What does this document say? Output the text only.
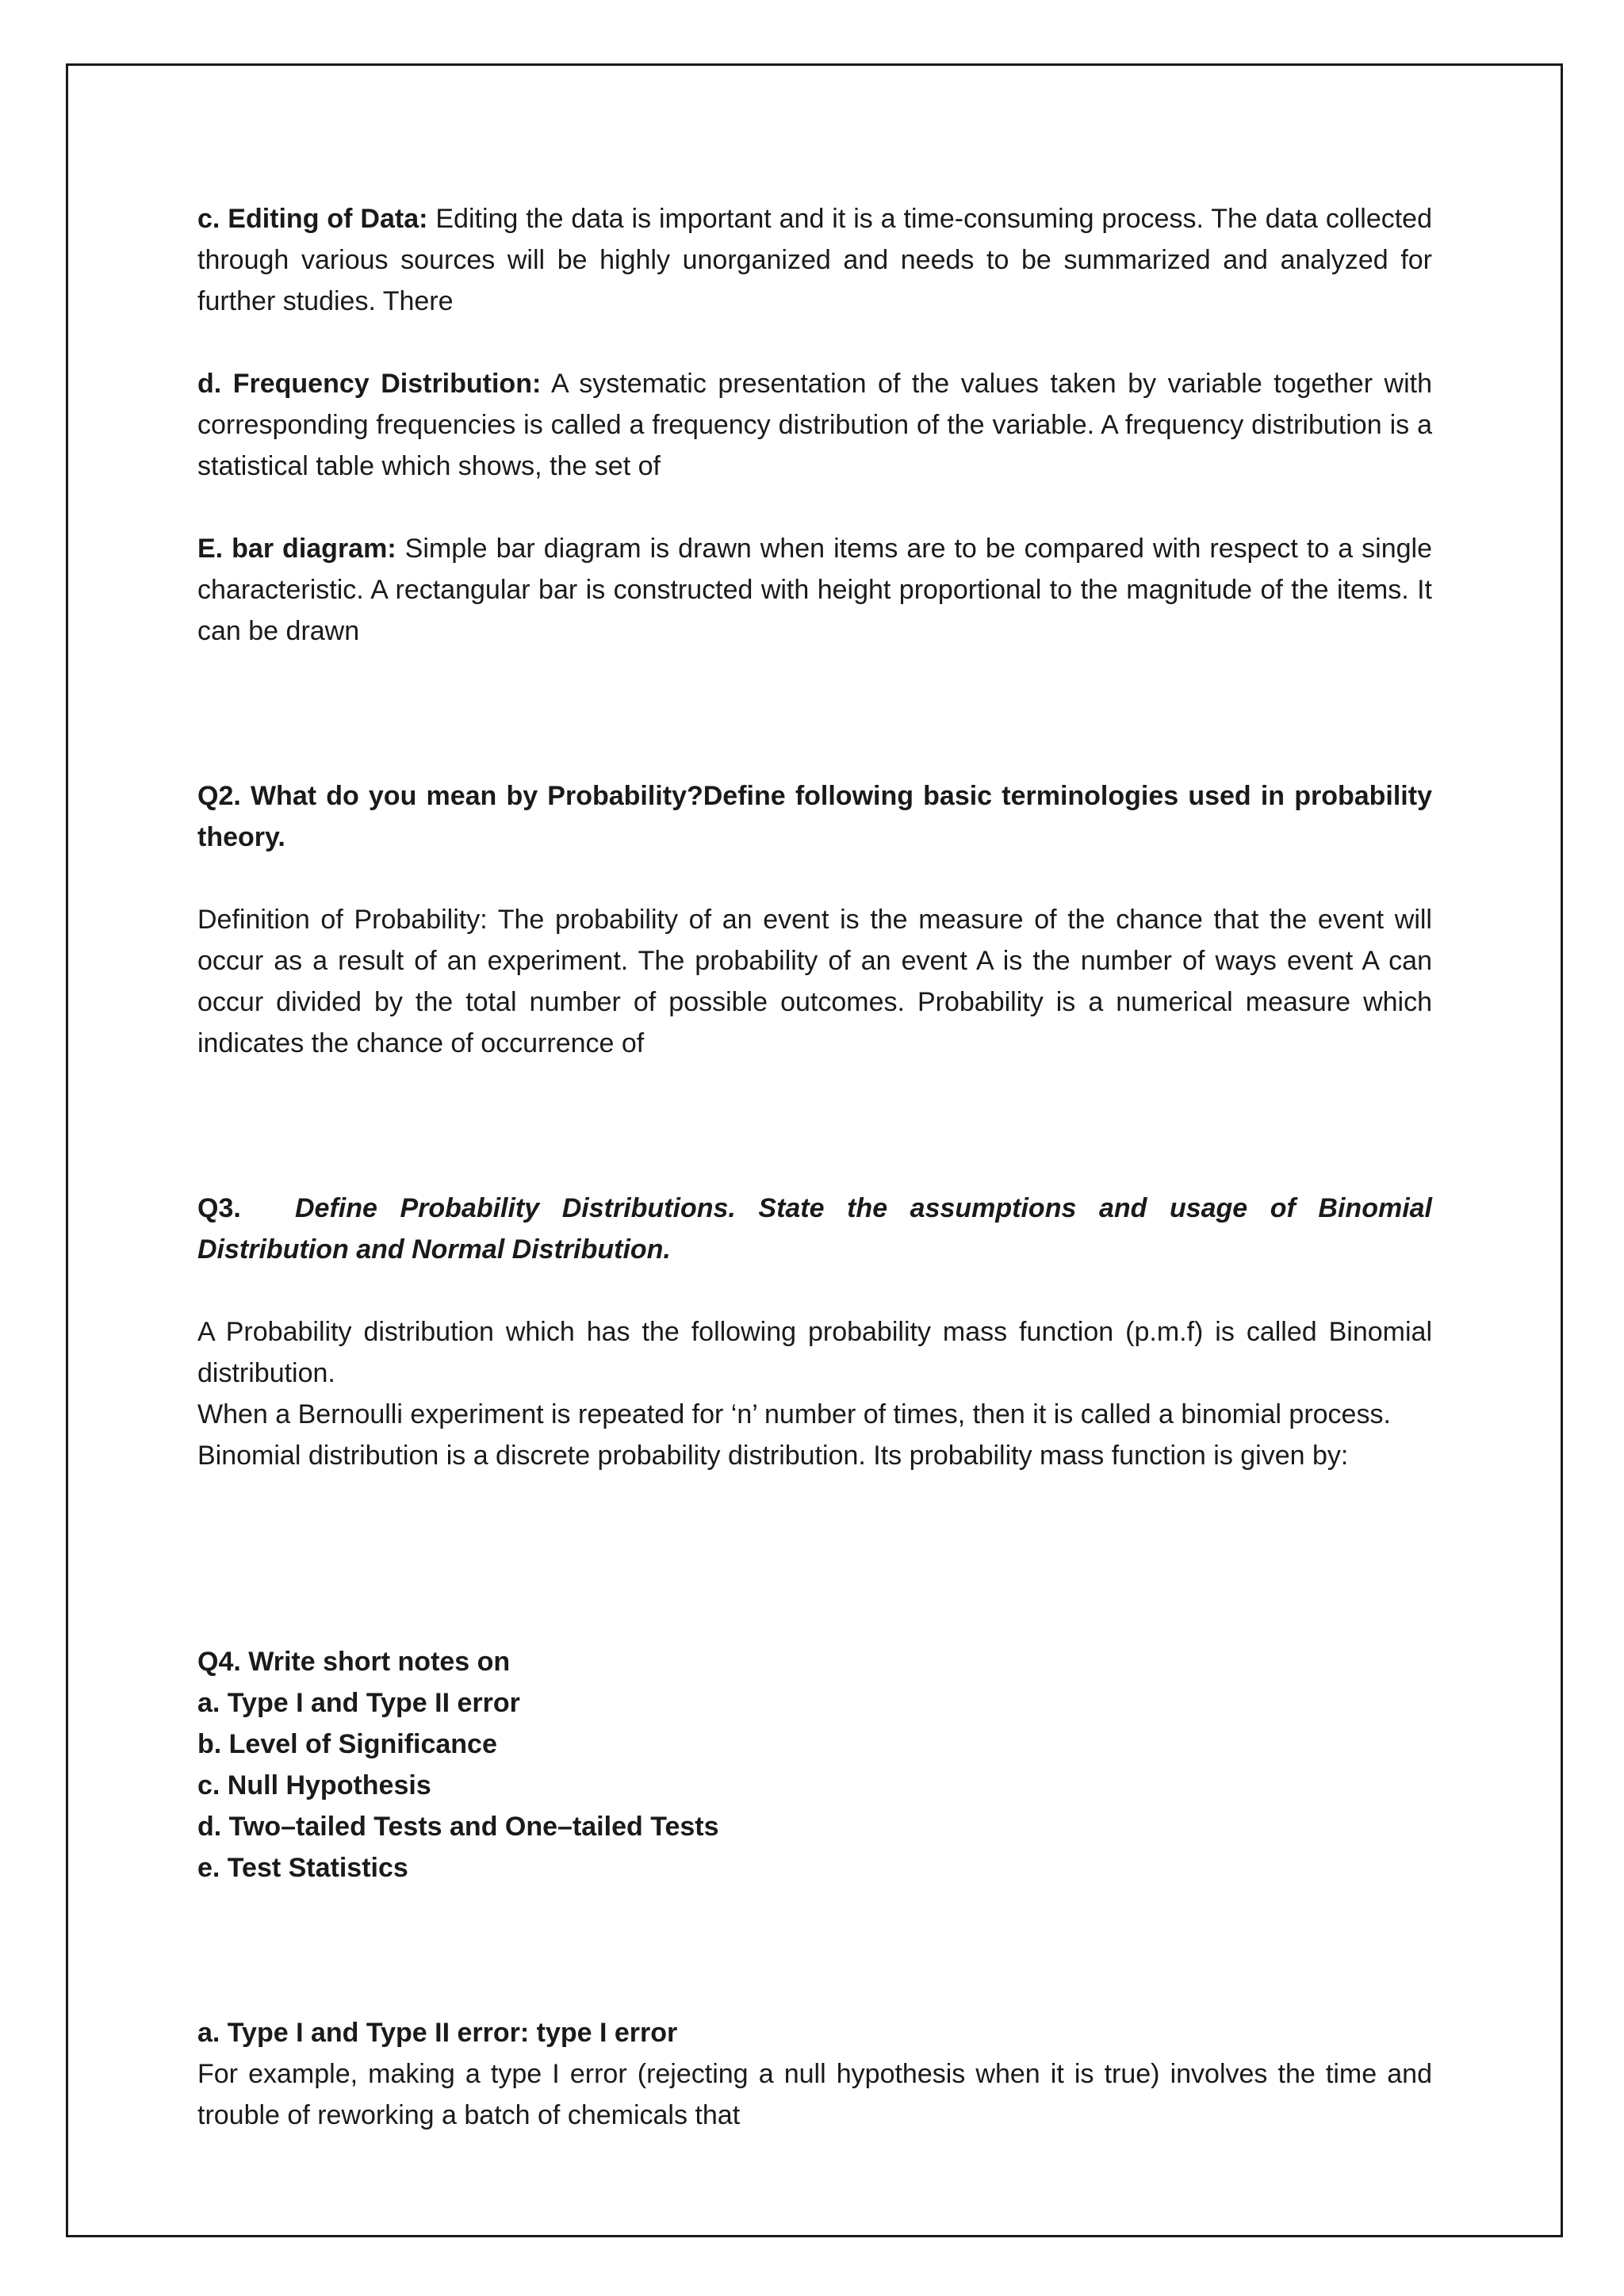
c. Editing of Data: Editing the data is important and it is a time-consuming process. The data collected through various sources will be highly unorganized and needs to be summarized and analyzed for further studies. There

d. Frequency Distribution: A systematic presentation of the values taken by variable together with corresponding frequencies is called a frequency distribution of the variable. A frequency distribution is a statistical table which shows, the set of

E. bar diagram: Simple bar diagram is drawn when items are to be compared with respect to a single characteristic. A rectangular bar is constructed with height proportional to the magnitude of the items. It can be drawn

Q2. What do you mean by Probability?Define following basic terminologies used in probability theory.

Definition of Probability: The probability of an event is the measure of the chance that the event will occur as a result of an experiment. The probability of an event A is the number of ways event A can occur divided by the total number of possible outcomes. Probability is a numerical measure which indicates the chance of occurrence of

Q3. Define Probability Distributions. State the assumptions and usage of Binomial Distribution and Normal Distribution.

A Probability distribution which has the following probability mass function (p.m.f) is called Binomial distribution.

When a Bernoulli experiment is repeated for ‘n’ number of times, then it is called a binomial process.

Binomial distribution is a discrete probability distribution. Its probability mass function is given by:

Q4. Write short notes on

a. Type I and Type II error

b. Level of Significance

c. Null Hypothesis

d. Two–tailed Tests and One–tailed Tests

e. Test Statistics

a. Type I and Type II error: type I error

For example, making a type I error (rejecting a null hypothesis when it is true) involves the time and trouble of reworking a batch of chemicals that
